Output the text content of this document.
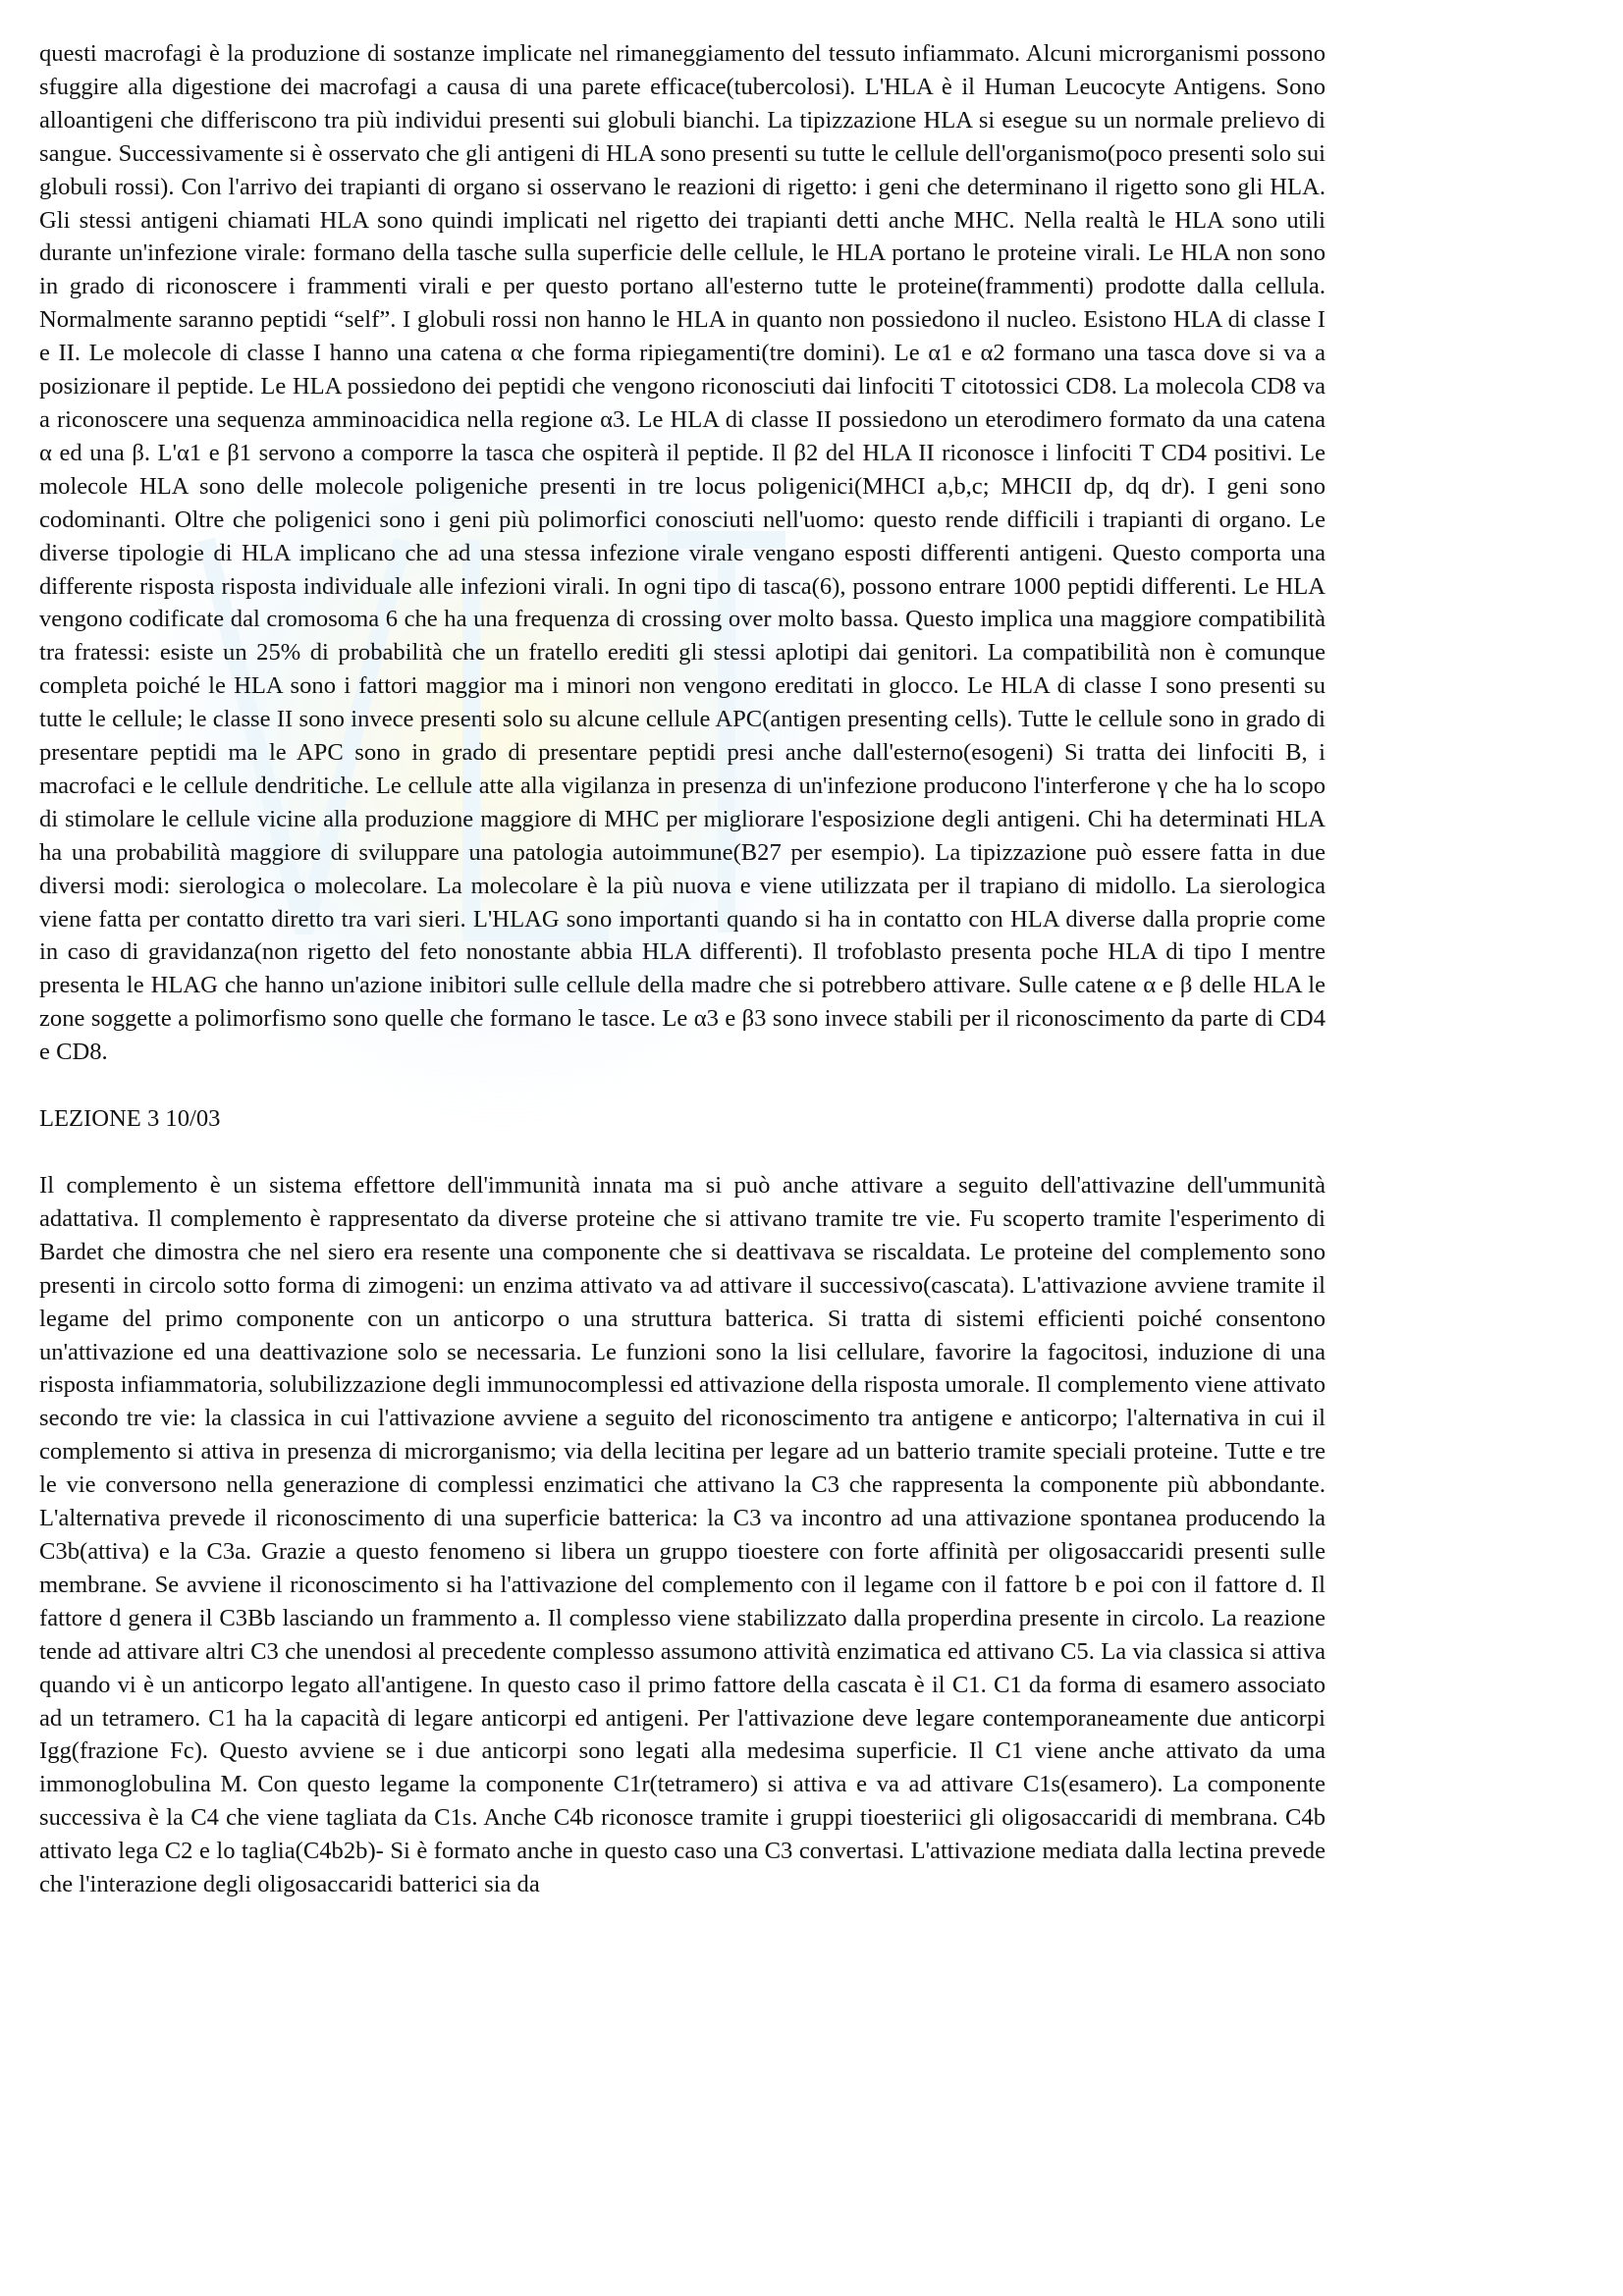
questi macrofagi è la produzione di sostanze implicate nel rimaneggiamento del tessuto infiammato. Alcuni microrganismi possono sfuggire alla digestione dei macrofagi a causa di una parete efficace(tubercolosi). L'HLA è il Human Leucocyte Antigens. Sono alloantigeni che differiscono tra più individui presenti sui globuli bianchi. La tipizzazione HLA si esegue su un normale prelievo di sangue. Successivamente si è osservato che gli antigeni di HLA sono presenti su tutte le cellule dell'organismo(poco presenti solo sui globuli rossi). Con l'arrivo dei trapianti di organo si osservano le reazioni di rigetto: i geni che determinano il rigetto sono gli HLA. Gli stessi antigeni chiamati HLA sono quindi implicati nel rigetto dei trapianti detti anche MHC. Nella realtà le HLA sono utili durante un'infezione virale: formano della tasche sulla superficie delle cellule, le HLA portano le proteine virali. Le HLA non sono in grado di riconoscere i frammenti virali e per questo portano all'esterno tutte le proteine(frammenti) prodotte dalla cellula. Normalmente saranno peptidi “self”. I globuli rossi non hanno le HLA in quanto non possiedono il nucleo. Esistono HLA di classe I e II. Le molecole di classe I hanno una catena α che forma ripiegamenti(tre domini). Le α1 e α2 formano una tasca dove si va a posizionare il peptide. Le HLA possiedono dei peptidi che vengono riconosciuti dai linfociti T citotossici CD8. La molecola CD8 va a riconoscere una sequenza amminoacidica nella regione α3. Le HLA di classe II possiedono un eterodimero formato da una catena α ed una β. L'α1 e β1 servono a comporre la tasca che ospiterà il peptide. Il β2 del HLA II riconosce i linfociti T CD4 positivi. Le molecole HLA sono delle molecole poligeniche presenti in tre locus poligenici(MHCI a,b,c; MHCII dp, dq dr). I geni sono codominanti. Oltre che poligenici sono i geni più polimorfici conosciuti nell'uomo: questo rende difficili i trapianti di organo. Le diverse tipologie di HLA implicano che ad una stessa infezione virale vengano esposti differenti antigeni. Questo comporta una differente risposta risposta individuale alle infezioni virali. In ogni tipo di tasca(6), possono entrare 1000 peptidi differenti. Le HLA vengono codificate dal cromosoma 6 che ha una frequenza di crossing over molto bassa. Questo implica una maggiore compatibilità tra fratessi: esiste un 25% di probabilità che un fratello erediti gli stessi aplotipi dai genitori. La compatibilità non è comunque completa poiché le HLA sono i fattori maggior ma i minori non vengono ereditati in glocco. Le HLA di classe I sono presenti su tutte le cellule; le classe II sono invece presenti solo su alcune cellule APC(antigen presenting cells). Tutte le cellule sono in grado di presentare peptidi ma le APC sono in grado di presentare peptidi presi anche dall'esterno(esogeni) Si tratta dei linfociti B, i macrofaci e le cellule dendritiche. Le cellule atte alla vigilanza in presenza di un'infezione producono l'interferone γ che ha lo scopo di stimolare le cellule vicine alla produzione maggiore di MHC per migliorare l'esposizione degli antigeni. Chi ha determinati HLA ha una probabilità maggiore di sviluppare una patologia autoimmune(B27 per esempio). La tipizzazione può essere fatta in due diversi modi: sierologica o molecolare. La molecolare è la più nuova e viene utilizzata per il trapiano di midollo. La sierologica viene fatta per contatto diretto tra vari sieri. L'HLAG sono importanti quando si ha in contatto con HLA diverse dalla proprie come in caso di gravidanza(non rigetto del feto nonostante abbia HLA differenti). Il trofoblasto presenta poche HLA di tipo I mentre presenta le HLAG che hanno un'azione inibitori sulle cellule della madre che si potrebbero attivare. Sulle catene α e β delle HLA le zone soggette a polimorfismo sono quelle che formano le tasce. Le α3 e β3 sono invece stabili per il riconoscimento da parte di CD4 e CD8.

LEZIONE 3 10/03

Il complemento è un sistema effettore dell'immunità innata ma si può anche attivare a seguito dell'attivazine dell'ummunità adattativa. Il complemento è rappresentato da diverse proteine che si attivano tramite tre vie. Fu scoperto tramite l'esperimento di Bardet che dimostra che nel siero era resente una componente che si deattivava se riscaldata. Le proteine del complemento sono presenti in circolo sotto forma di zimogeni: un enzima attivato va ad attivare il successivo(cascata). L'attivazione avviene tramite il legame del primo componente con un anticorpo o una struttura batterica. Si tratta di sistemi efficienti poiché consentono un'attivazione ed una deattivazione solo se necessaria. Le funzioni sono la lisi cellulare, favorire la fagocitosi, induzione di una risposta infiammatoria, solubilizzazione degli immunocomplessi ed attivazione della risposta umorale. Il complemento viene attivato secondo tre vie: la classica in cui l'attivazione avviene a seguito del riconoscimento tra antigene e anticorpo; l'alternativa in cui il complemento si attiva in presenza di microrganismo; via della lecitina per legare ad un batterio tramite speciali proteine. Tutte e tre le vie conversono nella generazione di complessi enzimatici che attivano la C3 che rappresenta la componente più abbondante. L'alternativa prevede il riconoscimento di una superficie batterica: la C3 va incontro ad una attivazione spontanea producendo la C3b(attiva) e la C3a. Grazie a questo fenomeno si libera un gruppo tioestere con forte affinità per oligosaccaridi presenti sulle membrane. Se avviene il riconoscimento si ha l'attivazione del complemento con il legame con il fattore b e poi con il fattore d. Il fattore d genera il C3Bb lasciando un frammento a. Il complesso viene stabilizzato dalla properdina presente in circolo. La reazione tende ad attivare altri C3 che unendosi al precedente complesso assumono attività enzimatica ed attivano C5. La via classica si attiva quando vi è un anticorpo legato all'antigene. In questo caso il primo fattore della cascata è il C1. C1 da forma di esamero associato ad un tetramero. C1 ha la capacità di legare anticorpi ed antigeni. Per l'attivazione deve legare contemporaneamente due anticorpi Igg(frazione Fc). Questo avviene se i due anticorpi sono legati alla medesima superficie. Il C1 viene anche attivato da uma immonoglobulina M. Con questo legame la componente C1r(tetramero) si attiva e va ad attivare C1s(esamero). La componente successiva è la C4 che viene tagliata da C1s. Anche C4b riconosce tramite i gruppi tioesteriici gli oligosaccaridi di membrana. C4b attivato lega C2 e lo taglia(C4b2b)- Si è formato anche in questo caso una C3 convertasi. L'attivazione mediata dalla lectina prevede che l'interazione degli oligosaccaridi batterici sia da
